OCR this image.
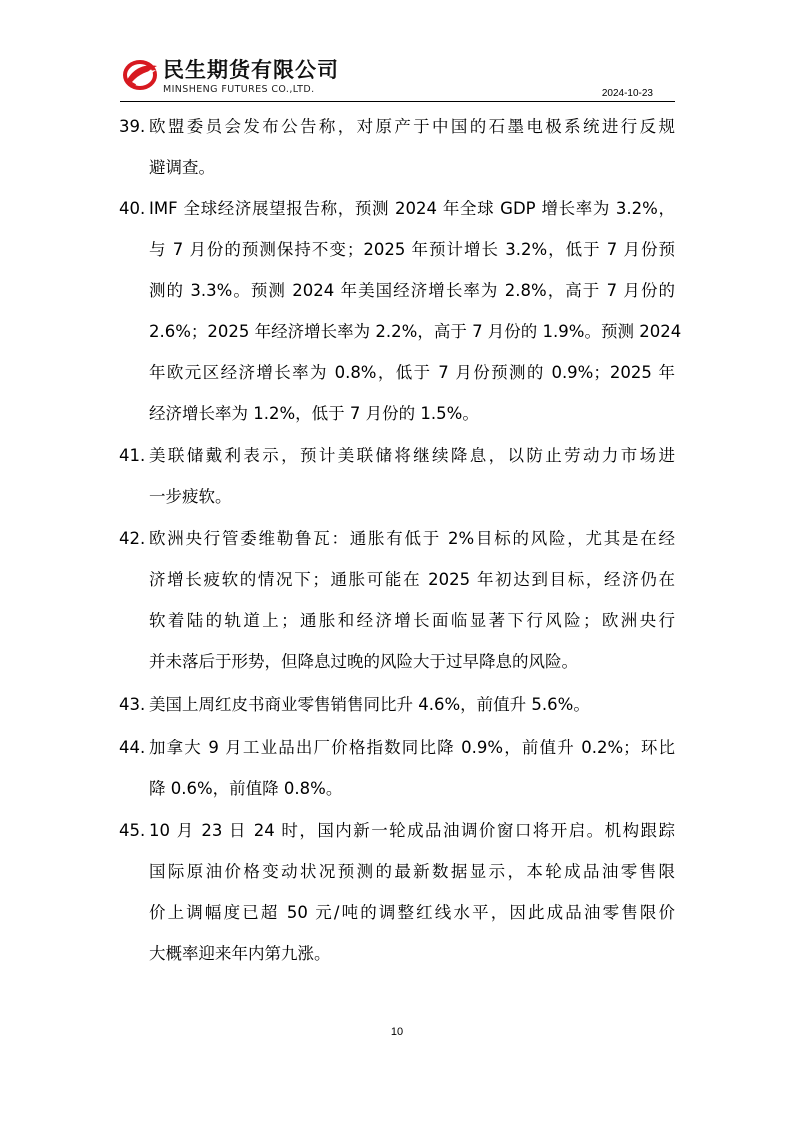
民生期货有限公司
MINSHENG FUTURES CO.,LTD.	2024-10-23
39. 欧盟委员会发布公告称，对原产于中国的石墨电极系统进行反规
避调查。
40. IMF 全球经济展望报告称，预测 2024 年全球 GDP 增长率为 3.2%，
与 7 月份的预测保持不变；2025 年预计增长 3.2%，低于 7 月份预
测的 3.3%。预测 2024 年美国经济增长率为 2.8%，高于 7 月份的
2.6%；2025 年经济增长率为 2.2%，高于 7 月份的 1.9%。预测 2024
年欧元区经济增长率为 0.8%，低于 7 月份预测的 0.9%；2025 年
经济增长率为 1.2%，低于 7 月份的 1.5%。
41. 美联储戴利表示，预计美联储将继续降息，以防止劳动力市场进
一步疲软。
42. 欧洲央行管委维勒鲁瓦：通胀有低于 2%目标的风险，尤其是在经
济增长疲软的情况下；通胀可能在 2025 年初达到目标，经济仍在
软着陆的轨道上；通胀和经济增长面临显著下行风险；欧洲央行
并未落后于形势，但降息过晚的风险大于过早降息的风险。
43. 美国上周红皮书商业零售销售同比升 4.6%，前值升 5.6%。
44. 加拿大 9 月工业品出厂价格指数同比降 0.9%，前值升 0.2%；环比
降 0.6%，前值降 0.8%。
45. 10 月 23 日 24 时，国内新一轮成品油调价窗口将开启。机构跟踪
国际原油价格变动状况预测的最新数据显示，本轮成品油零售限
价上调幅度已超 50 元/吨的调整红线水平，因此成品油零售限价
大概率迎来年内第九涨。
10
